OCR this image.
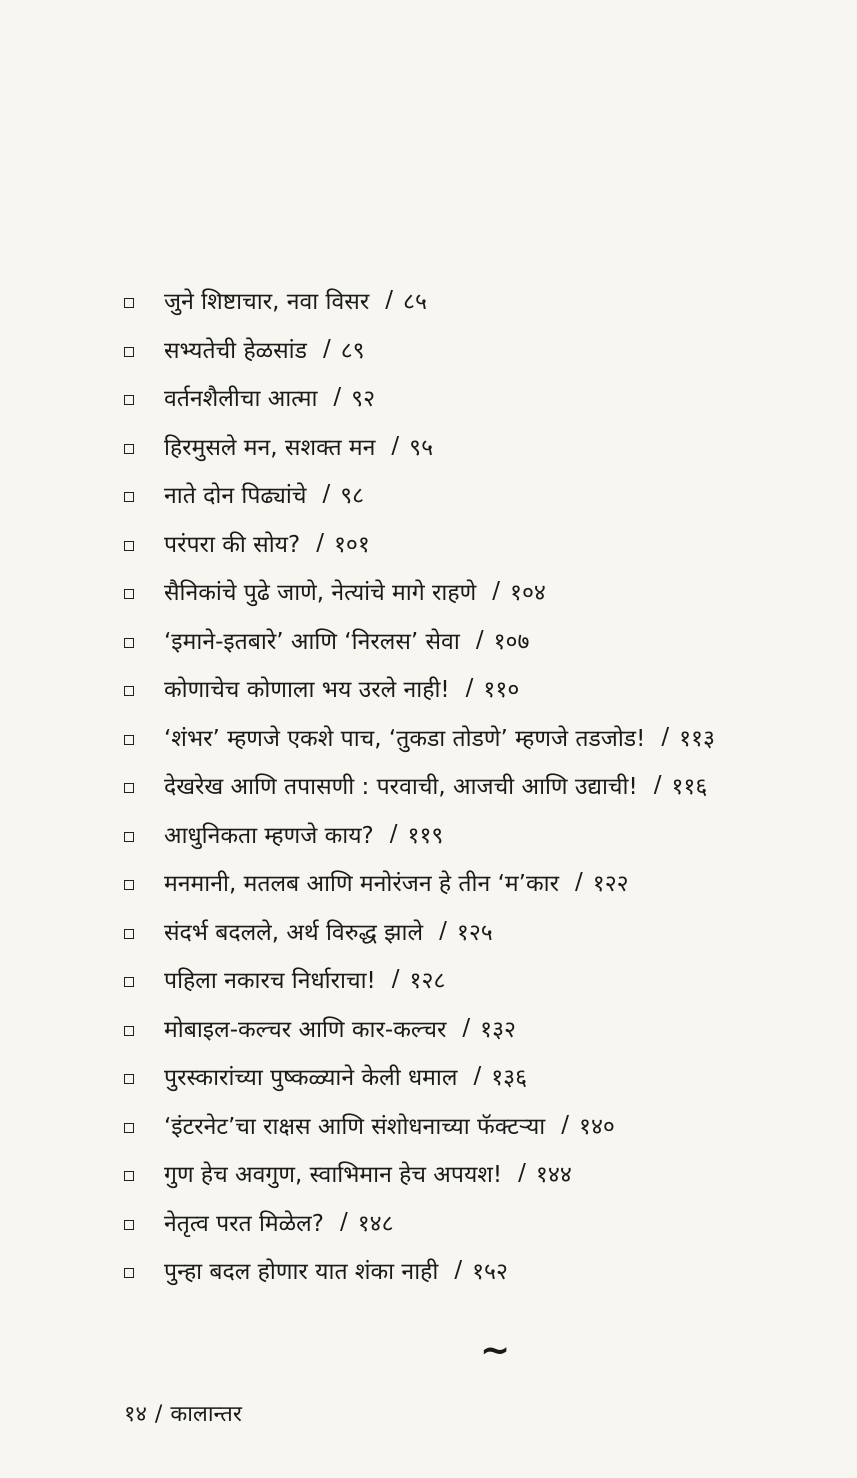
जुने शिष्टाचार, नवा विसर / ८५
सभ्यतेची हेळसांड / ८९
वर्तनशैलीचा आत्मा / ९२
हिरमुसले मन, सशक्त मन / ९५
नाते दोन पिढ्यांचे / ९८
परंपरा की सोय? / १०१
सैनिकांचे पुढे जाणे, नेत्यांचे मागे राहणे / १०४
‘इमाने-इतबारे’ आणि ‘निरलस’ सेवा / १०७
कोणाचेच कोणाला भय उरले नाही! / ११०
‘शंभर’ म्हणजे एकशे पाच, ‘तुकडा तोडणे’ म्हणजे तडजोड! / ११३
देखरेख आणि तपासणी : परवाची, आजची आणि उद्याची! / ११६
आधुनिकता म्हणजे काय? / ११९
मनमानी, मतलब आणि मनोरंजन हे तीन ‘म’कार / १२२
संदर्भ बदलले, अर्थ विरुद्ध झाले / १२५
पहिला नकारच निर्धाराचा! / १२८
मोबाइल-कल्चर आणि कार-कल्चर / १३२
पुरस्कारांच्या पुष्कळ्याने केली धमाल / १३६
‘इंटरनेट’चा राक्षस आणि संशोधनाच्या फॅक्टऱ्या / १४०
गुण हेच अवगुण, स्वाभिमान हेच अपयश! / १४४
नेतृत्व परत मिळेल? / १४८
पुन्हा बदल होणार यात शंका नाही / १५२
~
१४ / कालान्तर
